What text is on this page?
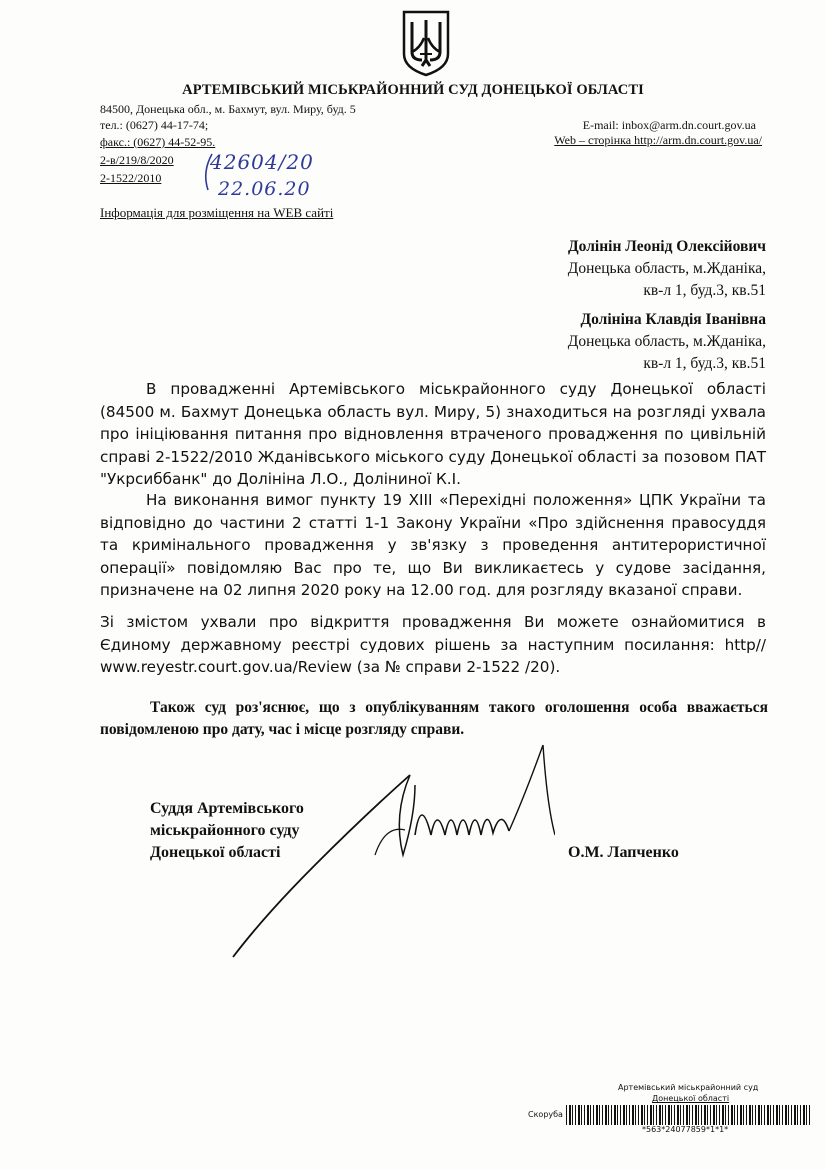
АРТЕМІВСЬКИЙ МІСЬКРАЙОННИЙ СУД ДОНЕЦЬКОЇ ОБЛАСТІ
84500, Донецька обл., м. Бахмут, вул. Миру, буд. 5
тел.: (0627) 44-17-74;
факс.: (0627) 44-52-95.
E-mail: inbox@arm.dn.court.gov.ua
Web – сторінка http://arm.dn.court.gov.ua/
2-в/219/8/2020
2-1522/2010
42604/20
22.06.20
Інформація для розміщення на WEB сайті
Долінін Леонід Олексійович
Донецька область, м.Жданіка,
кв-л 1, буд.3, кв.51
Долініна Клавдія Іванівна
Донецька область, м.Жданіка,
кв-л 1, буд.3, кв.51
В провадженні Артемівського міськрайонного суду Донецької області (84500 м. Бахмут Донецька область вул. Миру, 5) знаходиться на розгляді ухвала про ініціювання питання про відновлення втраченого провадження по цивільній справі 2-1522/2010 Жданівського міського суду Донецької області за позовом ПАТ "Укрсиббанк" до Долініна Л.О., Доліниної К.І.
На виконання вимог пункту 19 ХІІІ «Перехідні положення» ЦПК України та відповідно до частини 2 статті 1-1 Закону України «Про здійснення правосуддя та кримінального провадження у зв'язку з проведення антитерористичної операції» повідомляю Вас про те, що Ви викликаєтесь у судове засідання, призначене на 02 липня 2020 року на 12.00 год. для розгляду вказаної справи.
Зі змістом ухвали про відкриття провадження Ви можете ознайомитися в Єдиному державному реєстрі судових рішень за наступним посилання: http// www.reyestr.court.gov.ua/Review (за № справи 2-1522 /20).
Також суд роз'яснює, що з опублікуванням такого оголошення особа вважається повідомленою про дату, час і місце розгляду справи.
Суддя Артемівського
міськрайонного суду
Донецької області	О.М. Лапченко
Артемівський міськрайонний суд
Донецької області
Скоруба
*563*24077859*1*1*
